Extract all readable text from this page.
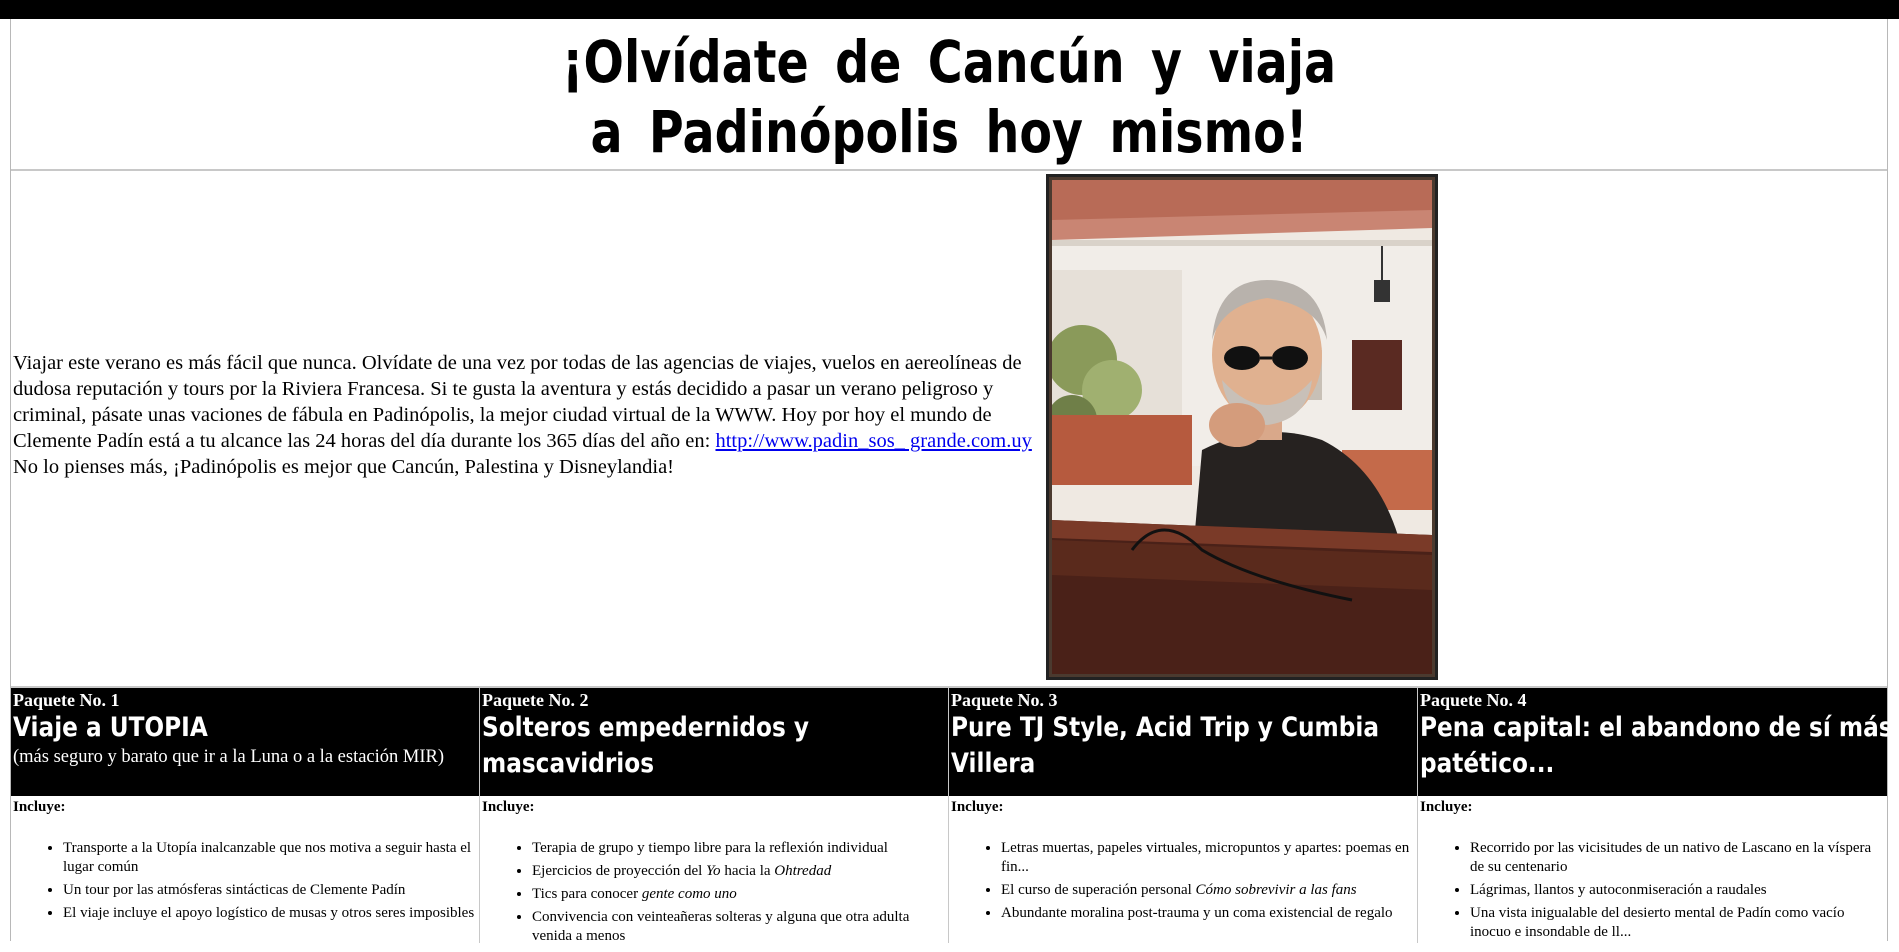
¡Olvídate de Cancún y viaja
a Padinópolis hoy mismo!
Viajar este verano es más fácil que nunca. Olvídate de una vez por todas de las agencias de viajes, vuelos en aereolíneas de dudosa reputación y tours por la Riviera Francesa. Si te gusta la aventura y estás decidido a pasar un verano peligroso y criminal, pásate unas vaciones de fábula en Padinópolis, la mejor ciudad virtual de la WWW. Hoy por hoy el mundo de Clemente Padín está a tu alcance las 24 horas del día durante los 365 días del año en: http://www.padin_sos_ grande.com.uy
No lo pienses más, ¡Padinópolis es mejor que Cancún, Palestina y Disneylandia!
Paquete No. 1
Viaje a UTOPIA
(más seguro y barato que ir a la Luna o a la estación MIR)
Incluye:
• Transporte a la Utopía inalcanzable que nos motiva a seguir hasta el lugar común
• Un tour por las atmósferas sintácticas de Clemente Padín
• El viaje incluye el apoyo logístico de musas y otros seres imposibles
Paquete No. 2
Solteros empedernidos y
mascavidrios
Incluye:
• Terapia de grupo y tiempo libre para la reflexión individual
• Ejercicios de proyección del Yo hacia la Ohtredad
• Tics para conocer gente como uno
• Convivencia con veinteañeras solteras y alguna que otra adulta venida a menos
Paquete No. 3
Pure TJ Style, Acid Trip y Cumbia
Villera
Incluye:
• Letras muertas, papeles virtuales, micropuntos y apartes: poemas en fin...
• El curso de superación personal Cómo sobrevivir a las fans
• Abundante moralina post-trauma y un coma existencial de regalo
Paquete No. 4
Pena capital: el abandono de sí más
patético...
Incluye:
• Recorrido por las vicisitudes de un nativo de Lascano en la víspera de su centenario
• Lágrimas, llantos y autoconmiseración a raudales
• Una vista inigualable del desierto mental de Padín como vacío inocuo e insondable de ll...
